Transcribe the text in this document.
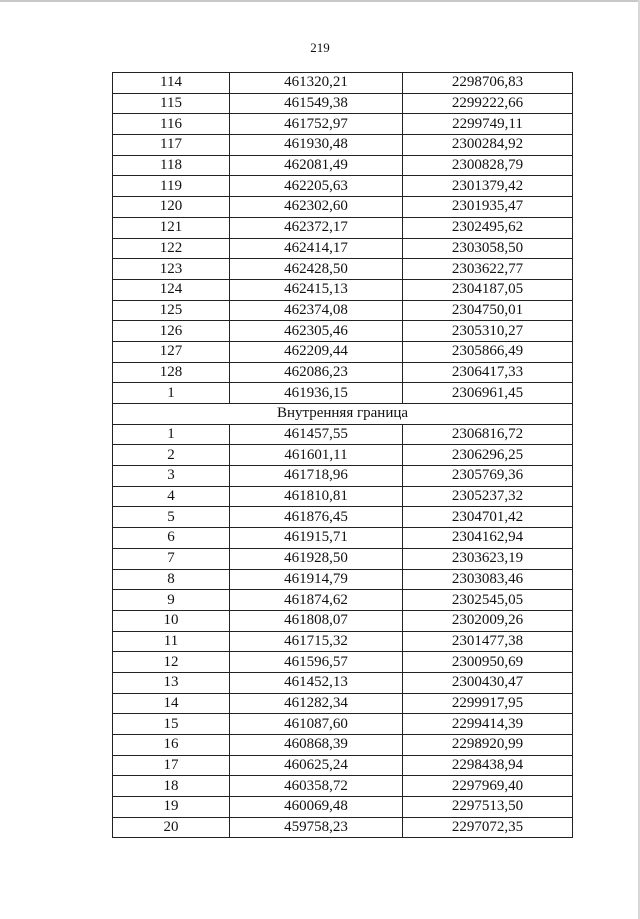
219
114	461320,21	2298706,83
115	461549,38	2299222,66
116	461752,97	2299749,11
117	461930,48	2300284,92
118	462081,49	2300828,79
119	462205,63	2301379,42
120	462302,60	2301935,47
121	462372,17	2302495,62
122	462414,17	2303058,50
123	462428,50	2303622,77
124	462415,13	2304187,05
125	462374,08	2304750,01
126	462305,46	2305310,27
127	462209,44	2305866,49
128	462086,23	2306417,33
1	461936,15	2306961,45
Внутренняя граница		
1	461457,55	2306816,72
2	461601,11	2306296,25
3	461718,96	2305769,36
4	461810,81	2305237,32
5	461876,45	2304701,42
6	461915,71	2304162,94
7	461928,50	2303623,19
8	461914,79	2303083,46
9	461874,62	2302545,05
10	461808,07	2302009,26
11	461715,32	2301477,38
12	461596,57	2300950,69
13	461452,13	2300430,47
14	461282,34	2299917,95
15	461087,60	2299414,39
16	460868,39	2298920,99
17	460625,24	2298438,94
18	460358,72	2297969,40
19	460069,48	2297513,50
20	459758,23	2297072,35
